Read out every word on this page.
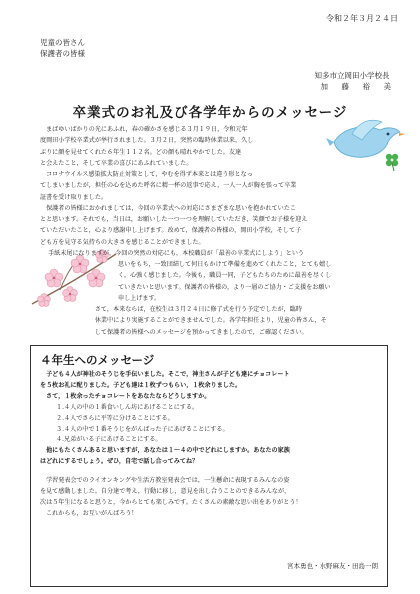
令和２年３月２４日
児童の皆さん
保護者の皆様
知多市立岡田小学校長
加　藤　裕　美
卒業式のお礼及び各学年からのメッセージ

　まばゆいばかりの光にあふれ，春の確かさを感じる３月１９日，令和元年

度岡田小学校卒業式が挙行されました。３月２日，突然の臨時休業以来，久し

ぶりに顔を見せてくれた６年生１１２名。どの顔も晴れやかでした。友達

と会えたこと，そして卒業の喜びにあふれていました。

　コロナウイルス感染拡大防止対策として，やむを得ず本来とは違う形となっ

てしまいましたが，担任の心を込めた呼名に精一杯の返事で応え，一人一人が胸を張って卒業

証書を受け取りました。

　保護者の皆様におかれましては，今回の卒業式への対応にさまざまな思いを抱かれていたこ

とと思います。それでも，当日は，お願いした一つ一つを理解していただき，笑顔でお子様を迎え

ていただいたこと，心より感謝申し上げます。改めて，保護者の皆様の，岡田小学校，そして子

ども方を見守る気持ちの大きさを感じることができました。

　手紙末尾になりますが，今回の突然の対応にも，本校職員が「最善の卒業式にしよう」という

思いをもち，一致団結して何日もかけて準備を進めてくれたこと，とても嬉し

く，心強く感じました。今後も，職員一同，子どもたちのために最善を尽くし

ていきたいと思います。保護者の皆様の，より一層のご協力・ご支援をお願い

申し上げます。

　　　　　　　　　さて，本来ならば，在校生は３月２４日に修了式を行う予定でしたが，臨時

　　　　　　　　　休業中により実施することができませんでした。各学年担任より，児童の皆さん，そ

　　　　　　　　　して保護者の皆様へのメッセージを預かってきましたので，ご確認ください。

４年生へのメッセージ

　子ども４人が神社のそうじを手伝いました。そこで，神主さんが子ども達にチョコレート

を５枚お礼に配りました。子ども達は１枚ずつもらい，１枚余りました。

　さて，１枚余ったチョコレートをあなたならどうしますか。

１.４人の中の１番食いしん坊にあげることにする。

２.４人でさらに平等に分けることにする。

３.４人の中で１番そうじをがんばった子にあげることにする。

４.兄弟がいる子にあげることにする。

　他にもたくさんあると思いますが，あなたは１～４の中でどれにしますか。あなたの家族

はどれにするでしょう。ぜひ，自宅で話し合ってみてね？

　学習発表会でのライオンキングや生活方教室発表会では，一生懸命に表現するみんなの姿

を見て感動しました。自分達で考え，行動に移し，意見を出し合うことのできるみんなが，

次は５年生になると思うと，今からとても楽しみです。たくさんの素敵な思い出をありがとう！

　これからも，お互いがんばろう！

宮本勇也・水野麻友・田島一朗
